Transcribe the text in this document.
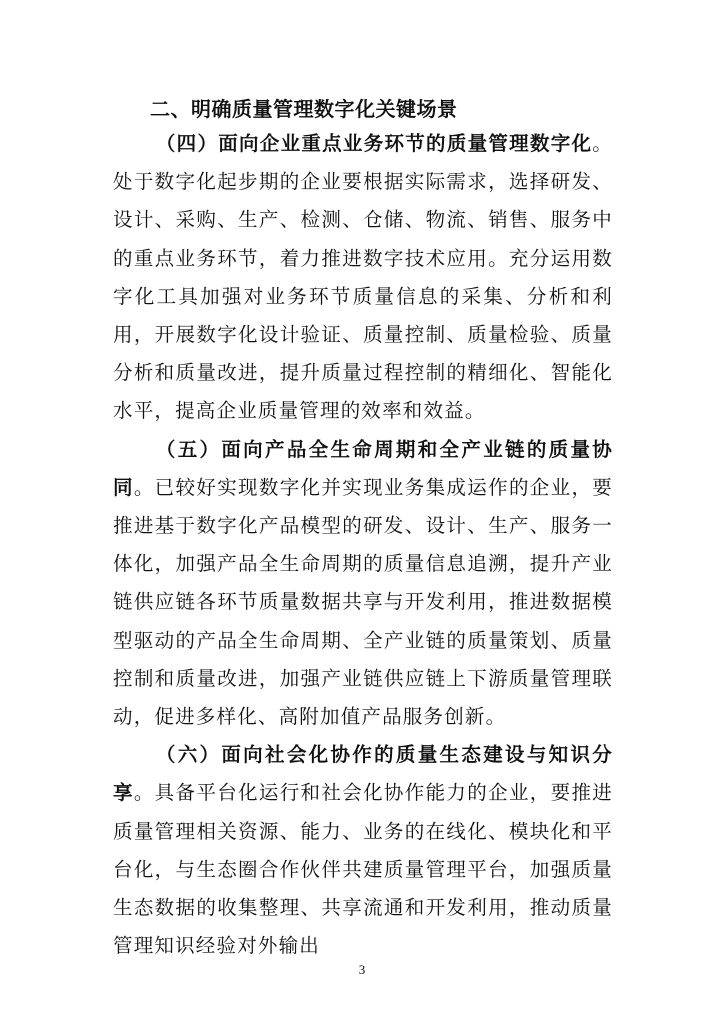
二、明确质量管理数字化关键场景

（四）面向企业重点业务环节的质量管理数字化。处于数字化起步期的企业要根据实际需求，选择研发、设计、采购、生产、检测、仓储、物流、销售、服务中的重点业务环节，着力推进数字技术应用。充分运用数字化工具加强对业务环节质量信息的采集、分析和利用，开展数字化设计验证、质量控制、质量检验、质量分析和质量改进，提升质量过程控制的精细化、智能化水平，提高企业质量管理的效率和效益。

（五）面向产品全生命周期和全产业链的质量协同。已较好实现数字化并实现业务集成运作的企业，要推进基于数字化产品模型的研发、设计、生产、服务一体化，加强产品全生命周期的质量信息追溯，提升产业链供应链各环节质量数据共享与开发利用，推进数据模型驱动的产品全生命周期、全产业链的质量策划、质量控制和质量改进，加强产业链供应链上下游质量管理联动，促进多样化、高附加值产品服务创新。

（六）面向社会化协作的质量生态建设与知识分享。具备平台化运行和社会化协作能力的企业，要推进质量管理相关资源、能力、业务的在线化、模块化和平台化，与生态圈合作伙伴共建质量管理平台，加强质量生态数据的收集整理、共享流通和开发利用，推动质量管理知识经验对外输出

3
